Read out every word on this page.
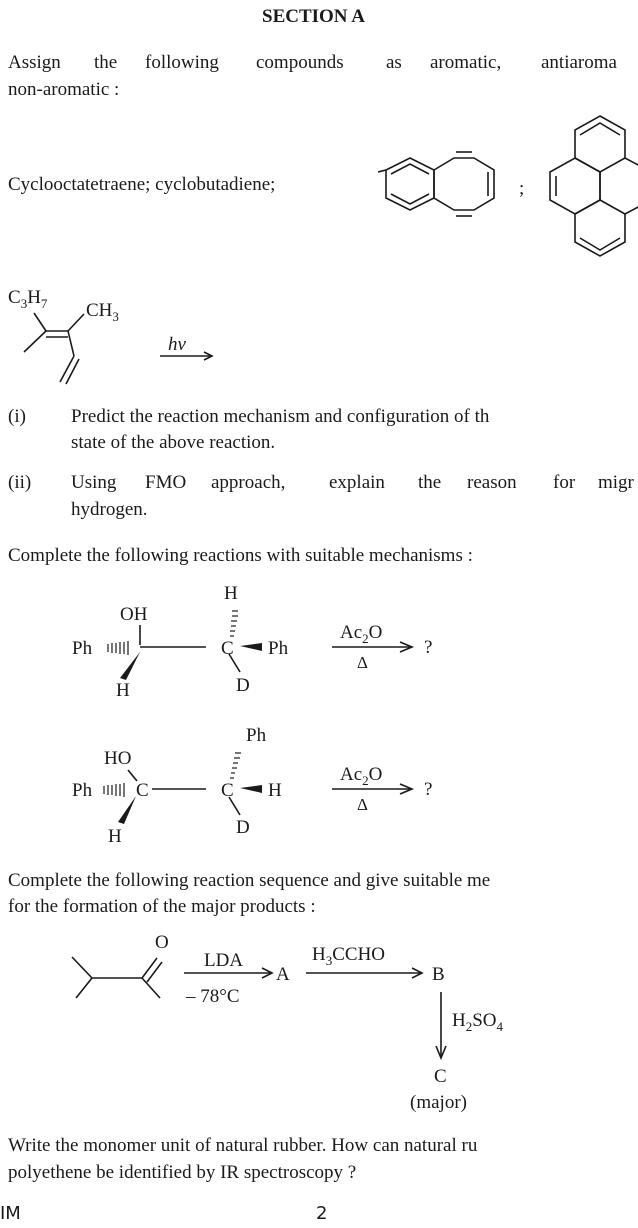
SECTION A
Assign the following compounds as aromatic, antiaroma
non-aromatic :
Cyclooctatetraene; cyclobutadiene;	;
$C_3H_7$ $CH_3$
hν
(i) Predict the reaction mechanism and configuration of th
state of the above reaction.
(ii) Using FMO approach, explain the reason for migr
hydrogen.
Complete the following reactions with suitable mechanisms :
H
OH
Ph
H
C Ph
D
$Ac_2O$
Δ
?
Ph
HO
Ph C
H
C H
D
$Ac_2O$
Δ
?
Complete the following reaction sequence and give suitable me
for the formation of the major products :
O
LDA
– 78°C
A
$H_3CCHO$
B
$H_2SO_4$
C
(major)
Write the monomer unit of natural rubber. How can natural ru
polyethene be identified by IR spectroscopy ?
IM	2
